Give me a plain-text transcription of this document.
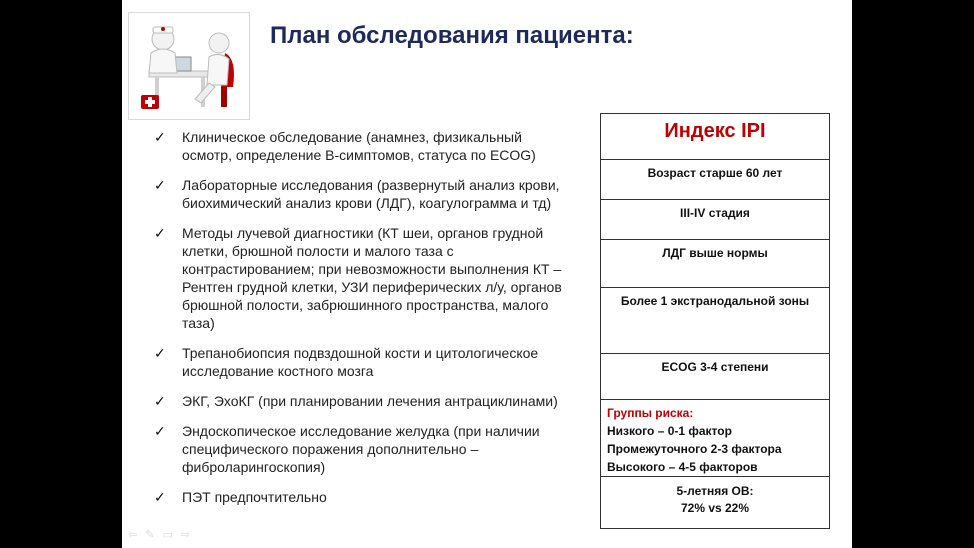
План обследования пациента:
✓ Клиническое обследование (анамнез, физикальный осмотр, определение В-симптомов, статуса по ECOG)
✓ Лабораторные исследования (развернутый анализ крови, биохимический анализ крови (ЛДГ), коагулограмма и тд)
✓ Методы лучевой диагностики (КТ шеи, органов грудной клетки, брюшной полости и малого таза с контрастированием; при невозможности выполнения КТ – Рентген грудной клетки, УЗИ периферических л/у, органов брюшной полости, забрюшинного пространства, малого таза)
✓ Трепанобиопсия подвздошной кости и цитологическое исследование костного мозга
✓ ЭКГ, ЭхоКГ (при планировании лечения антрациклинами)
✓ Эндоскопическое исследование желудка (при наличии специфического поражения дополнительно – фиброларингоскопия)
✓ ПЭТ предпочтительно
Индекс IPI

Возраст старше 60 лет

III-IV стадия

ЛДГ выше нормы

Более 1 экстранодальной зоны

ECOG 3-4 степени

Группы риска:
Низкого – 0-1 фактор
Промежуточного 2-3 фактора
Высокого – 4-5 факторов

5-летняя ОВ:
72% vs 22%
⇦ ✎ ▭ ⇨
